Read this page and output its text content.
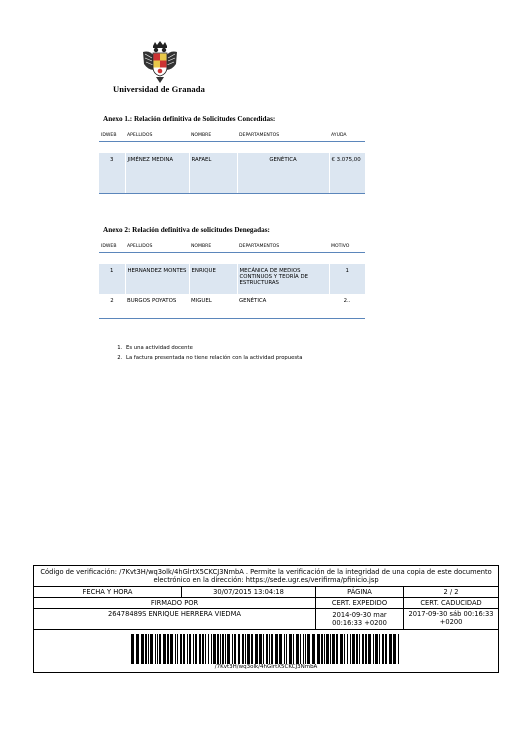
Universidad de Granada
Anexo 1.: Relación definitiva de Solicitudes Concedidas:
IDWEB	APELLIDOS	NOMBRE	DEPARTAMENTOS	AYUDA

3	JIMÉNEZ MEDINA	RAFAEL	GENÉTICA	€ 3.075,00
Anexo 2: Relación definitiva de solicitudes Denegadas:
IDWEB	APELLIDOS	NOMBRE	DEPARTAMENTOS	MOTIVO

1	HERNANDEZ MONTES	ENRIQUE	MECÁNICA DE MEDIOS CONTINUOS Y TEORÍA DE ESTRUCTURAS	1
2	BURGOS POYATOS	MIGUEL	GENÉTICA	2..
1. Es una actividad docente
2. La factura presentada no tiene relación con la actividad propuesta
Código de verificación: /7Kvt3H/wq3olk/4hGlrtX5CKCJ3NmbA . Permite la verificación de la integridad de una copia de este documento electrónico en la dirección: https://sede.ugr.es/verifirma/pfinicio.jsp			
FECHA Y HORA	30/07/2015 13:04:18	PÁGINA	2 / 2
FIRMADO POR		CERT. EXPEDIDO	CERT. CADUCIDAD
26478489S ENRIQUE HERRERA VIEDMA		2014-09-30 mar 00:16:33 +0200	2017-09-30 sáb 00:16:33 +0200

/7Kvt3H/wq3olk/4hGlrtX5CKCJ3NmbA			
